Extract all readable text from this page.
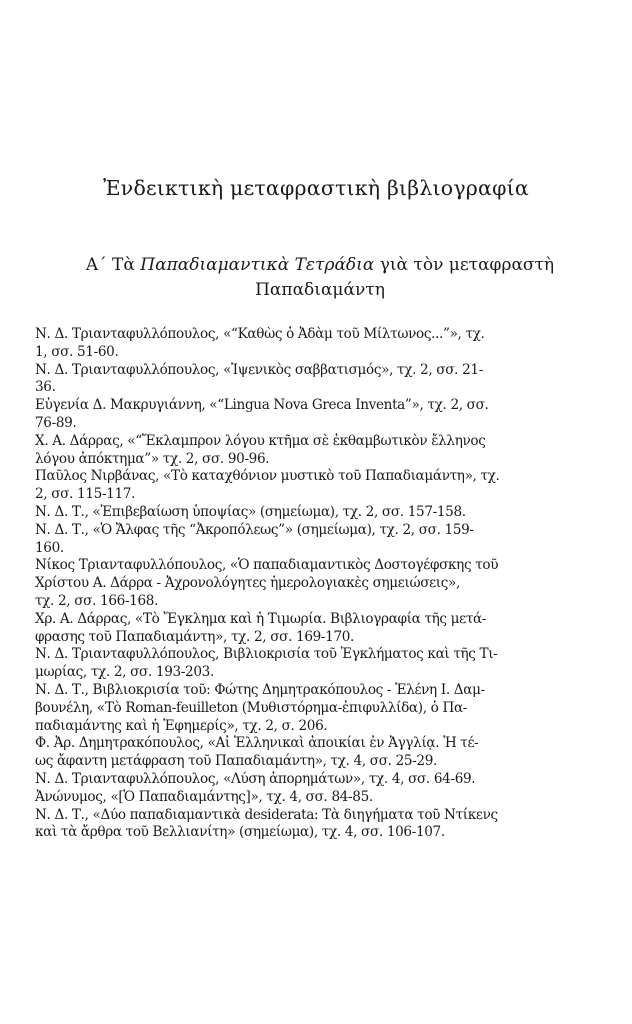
Ἐνδεικτικὴ μεταφραστικὴ βιβλιογραφία
Α΄ Τὰ Παπαδιαμαντικὰ Τετράδια γιὰ τὸν μεταφραστὴ
Παπαδιαμάντη

Ν. Δ. Τριανταφυλλόπουλος, «“Καθὼς ὁ Ἀδὰμ τοῦ Μίλτωνος...”», τχ.
1, σσ. 51-60.

Ν. Δ. Τριανταφυλλόπουλος, «Ἰψενικὸς σαββατισμός», τχ. 2, σσ. 21-
36.

Εὐγενία Δ. Μακρυγιάννη, «“Lingua Nova Greca Inventa”», τχ. 2, σσ.
76-89.

Χ. Α. Δάρρας, «“Ἔκλαμπρον λόγου κτῆμα σὲ ἐκθαμβωτικὸν ἔλληνος
λόγου ἀπόκτημα”» τχ. 2, σσ. 90-96.

Παῦλος Νιρβάνας, «Τὸ καταχθόνιον μυστικὸ τοῦ Παπαδιαμάντη», τχ.
2, σσ. 115-117.

Ν. Δ. Τ., «Ἐπιβεβαίωση ὑποψίας» (σημείωμα), τχ. 2, σσ. 157-158.

Ν. Δ. Τ., «Ὁ Ἄλφας τῆς “Ἀκροπόλεως”» (σημείωμα), τχ. 2, σσ. 159-
160.

Νίκος Τριανταφυλλόπουλος, «Ὁ παπαδιαμαντικὸς Δοστογέφσκης τοῦ
Χρίστου Α. Δάρρα - Ἀχρονολόγητες ἡμερολογιακὲς σημειώσεις»,
τχ. 2, σσ. 166-168.

Χρ. Α. Δάρρας, «Τὸ Ἔγκλημα καὶ ἡ Τιμωρία. Βιβλιογραφία τῆς μετά-
φρασης τοῦ Παπαδιαμάντη», τχ. 2, σσ. 169-170.

Ν. Δ. Τριανταφυλλόπουλος, Βιβλιοκρισία τοῦ Ἐγκλήματος καὶ τῆς Τι-
μωρίας, τχ. 2, σσ. 193-203.

Ν. Δ. Τ., Βιβλιοκρισία τοῦ: Φώτης Δημητρακόπουλος - Ἑλένη Ι. Δαμ-
βουνέλη, «Τὸ Roman-feuilleton (Μυθιστόρημα-ἐπιφυλλίδα), ὁ Πα-
παδιαμάντης καὶ ἡ Ἐφημερίς», τχ. 2, σ. 206.

Φ. Ἀρ. Δημητρακόπουλος, «Αἱ Ἑλληνικαὶ ἀποικίαι ἐν Ἀγγλίᾳ. Ἡ τέ-
ως ἄφαντη μετάφραση τοῦ Παπαδιαμάντη», τχ. 4, σσ. 25-29.

Ν. Δ. Τριανταφυλλόπουλος, «Λύση ἀπορημάτων», τχ. 4, σσ. 64-69.

Ἀνώνυμος, «[Ὁ Παπαδιαμάντης]», τχ. 4, σσ. 84-85.

Ν. Δ. Τ., «Δύο παπαδιαμαντικὰ desiderata: Τὰ διηγήματα τοῦ Ντίκενς
καὶ τὰ ἄρθρα τοῦ Βελλιανίτη» (σημείωμα), τχ. 4, σσ. 106-107.
